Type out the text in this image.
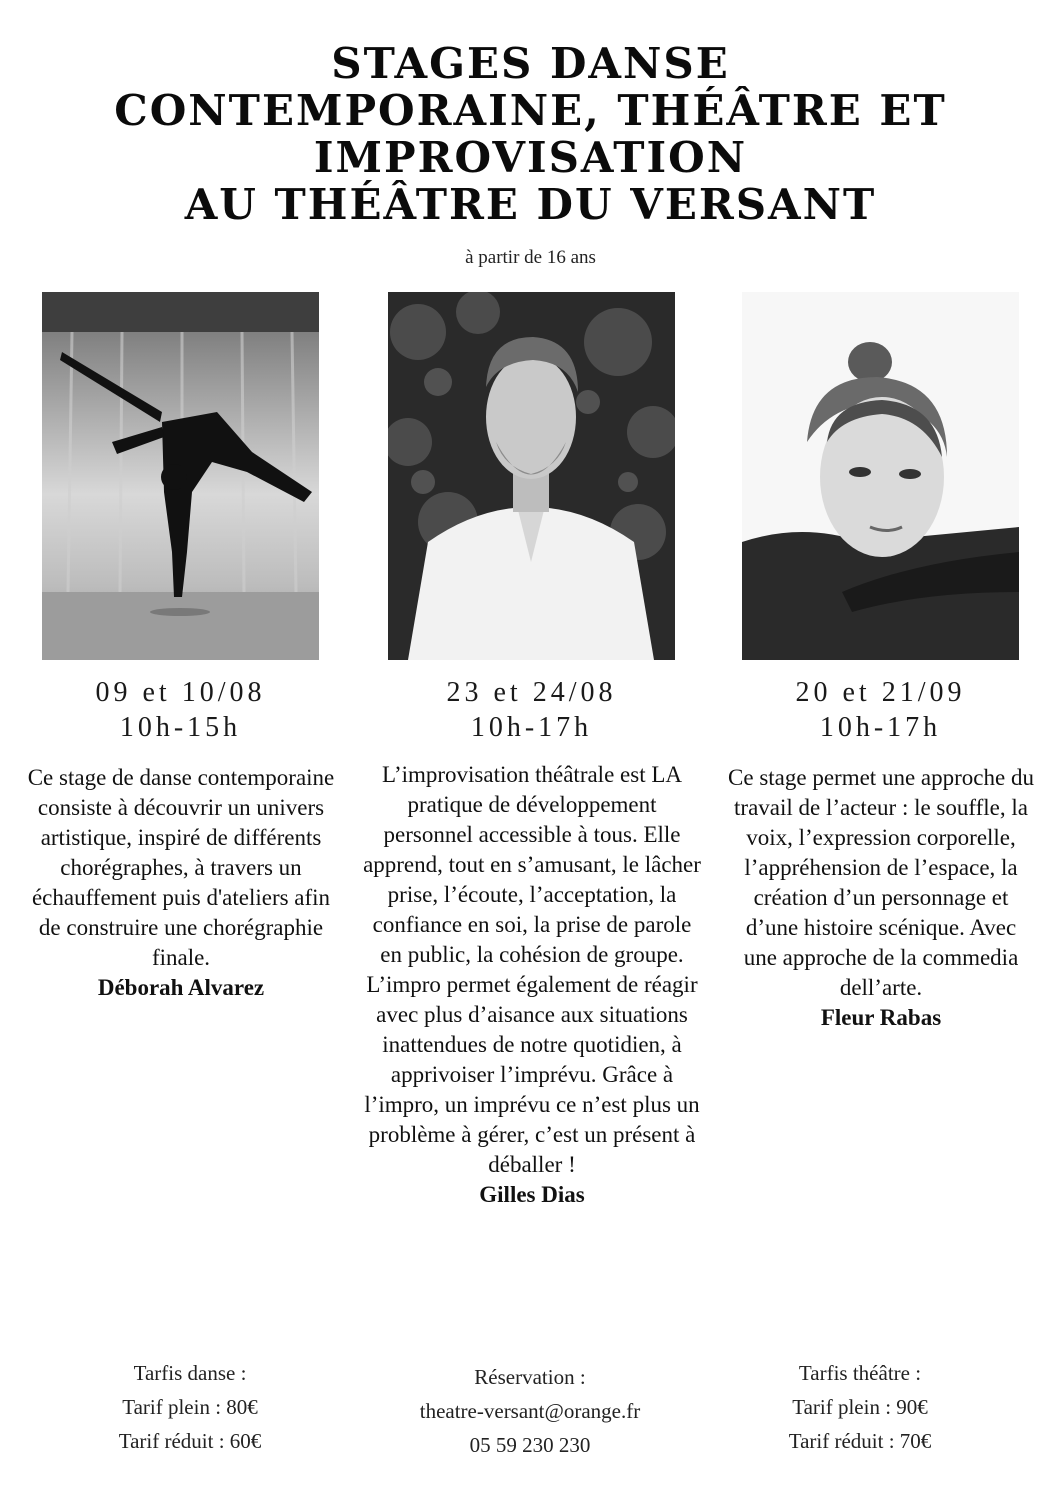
STAGES DANSE
CONTEMPORAINE, THÉÂTRE ET
IMPROVISATION
AU THÉÂTRE DU VERSANT
à partir de 16 ans
09 et 10/08
10h-15h
Ce stage de danse contemporaine consiste à découvrir un univers artistique, inspiré de différents chorégraphes, à travers un échauffement puis d'ateliers afin de construire une chorégraphie finale.
Déborah Alvarez
23 et 24/08
10h-17h
L’improvisation théâtrale est LA pratique de développement personnel accessible à tous. Elle apprend, tout en s’amusant, le lâcher prise, l’écoute, l’acceptation, la confiance en soi, la prise de parole en public, la cohésion de groupe. L’impro permet également de réagir avec plus d’aisance aux situations inattendues de notre quotidien, à apprivoiser l’imprévu. Grâce à l’impro, un imprévu ce n’est plus un problème à gérer, c’est un présent à déballer !
Gilles Dias
20 et 21/09
10h-17h
Ce stage permet une approche du travail de l’acteur : le souffle, la voix, l’expression corporelle, l’appréhension de l’espace, la création d’un personnage et d’une histoire scénique. Avec une approche de la commedia dell’arte.
Fleur Rabas
Tarfis danse :
Tarif plein : 80€
Tarif réduit : 60€
Réservation :
theatre-versant@orange.fr
05 59 230 230
Tarfis théâtre :
Tarif plein : 90€
Tarif réduit : 70€
